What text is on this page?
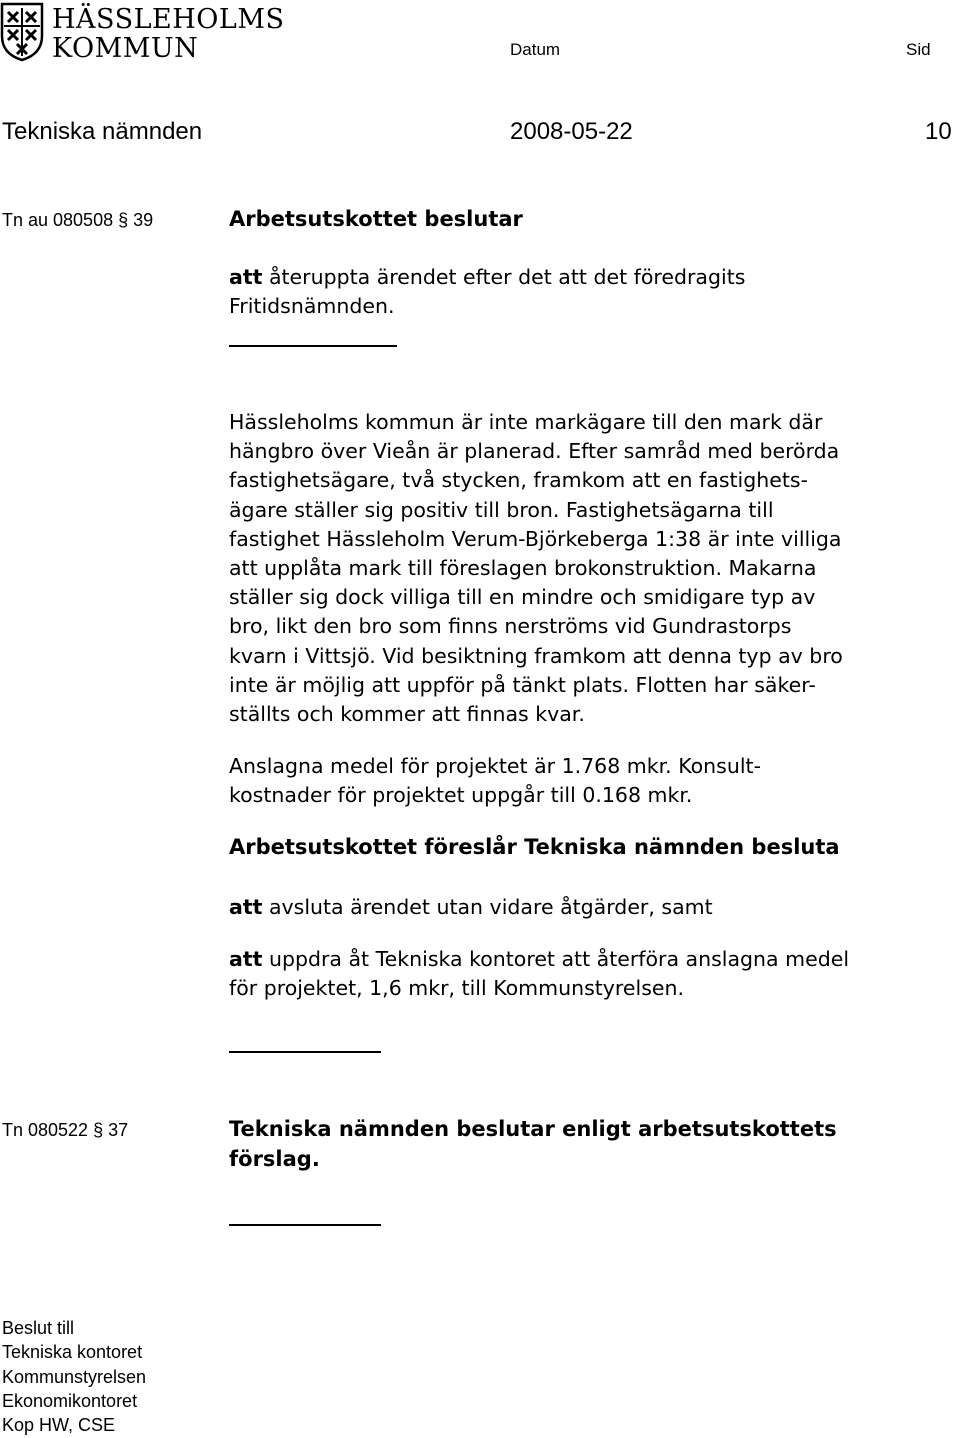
HÄSSLEHOLMS
KOMMUN	Datum	Sid
Tekniska nämnden	2008-05-22	10
Tn au 080508 § 39	Arbetsutskottet beslutar
att återuppta ärendet efter det att det föredragits
Fritidsnämnden.
Hässleholms kommun är inte markägare till den mark där
hängbro över Vieån är planerad. Efter samråd med berörda
fastighetsägare, två stycken, framkom att en fastighets-
ägare ställer sig positiv till bron. Fastighetsägarna till
fastighet Hässleholm Verum-Björkeberga 1:38 är inte villiga
att upplåta mark till föreslagen brokonstruktion. Makarna
ställer sig dock villiga till en mindre och smidigare typ av
bro, likt den bro som finns nerströms vid Gundrastorps
kvarn i Vittsjö. Vid besiktning framkom att denna typ av bro
inte är möjlig att uppför på tänkt plats. Flotten har säker-
ställts och kommer att finnas kvar.
Anslagna medel för projektet är 1.768 mkr. Konsult-
kostnader för projektet uppgår till 0.168 mkr.
Arbetsutskottet föreslår Tekniska nämnden besluta
att avsluta ärendet utan vidare åtgärder, samt
att uppdra åt Tekniska kontoret att återföra anslagna medel
för projektet, 1,6 mkr, till Kommunstyrelsen.
Tn 080522 § 37	Tekniska nämnden beslutar enligt arbetsutskottets
förslag.
Beslut till
Tekniska kontoret
Kommunstyrelsen
Ekonomikontoret
Kop HW, CSE
